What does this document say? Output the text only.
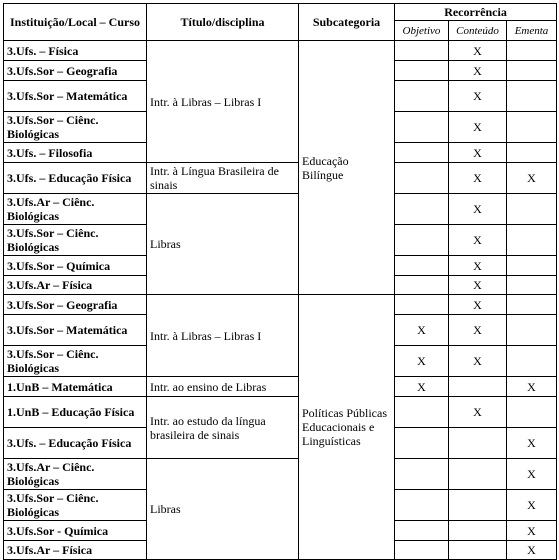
Instituição/Local – Curso	Título/disciplina	Subcategoria	Recorrência		
			Objetivo	Conteúdo	Ementa
3.Ufs. – Física	Intr. à Libras – Libras I	Educação Bilíngue		X	
3.Ufs.Sor – Geografia				X	
3.Ufs.Sor – Matemática				X	
3.Ufs.Sor – Ciênc. Biológicas				X	
3.Ufs. – Filosofia				X	
3.Ufs. – Educação Física	Intr. à Língua Brasileira de sinais			X	X
3.Ufs.Ar – Ciênc. Biológicas	Libras			X	
3.Ufs.Sor – Ciênc. Biológicas				X	
3.Ufs.Sor – Química				X	
3.Ufs.Ar – Física				X	
3.Ufs.Sor – Geografia	Intr. à Libras – Libras I	Políticas Públicas Educacionais e Linguísticas		X	
3.Ufs.Sor – Matemática			X	X	
3.Ufs.Sor – Ciênc. Biológicas			X	X	
1.UnB – Matemática	Intr. ao ensino de Libras		X		X
1.UnB – Educação Física	Intr. ao estudo da língua brasileira de sinais			X	
3.Ufs. – Educação Física					X
3.Ufs.Ar – Ciênc. Biológicas	Libras				X
3.Ufs.Sor – Ciênc. Biológicas					X
3.Ufs.Sor - Química					X
3.Ufs.Ar – Física					X
